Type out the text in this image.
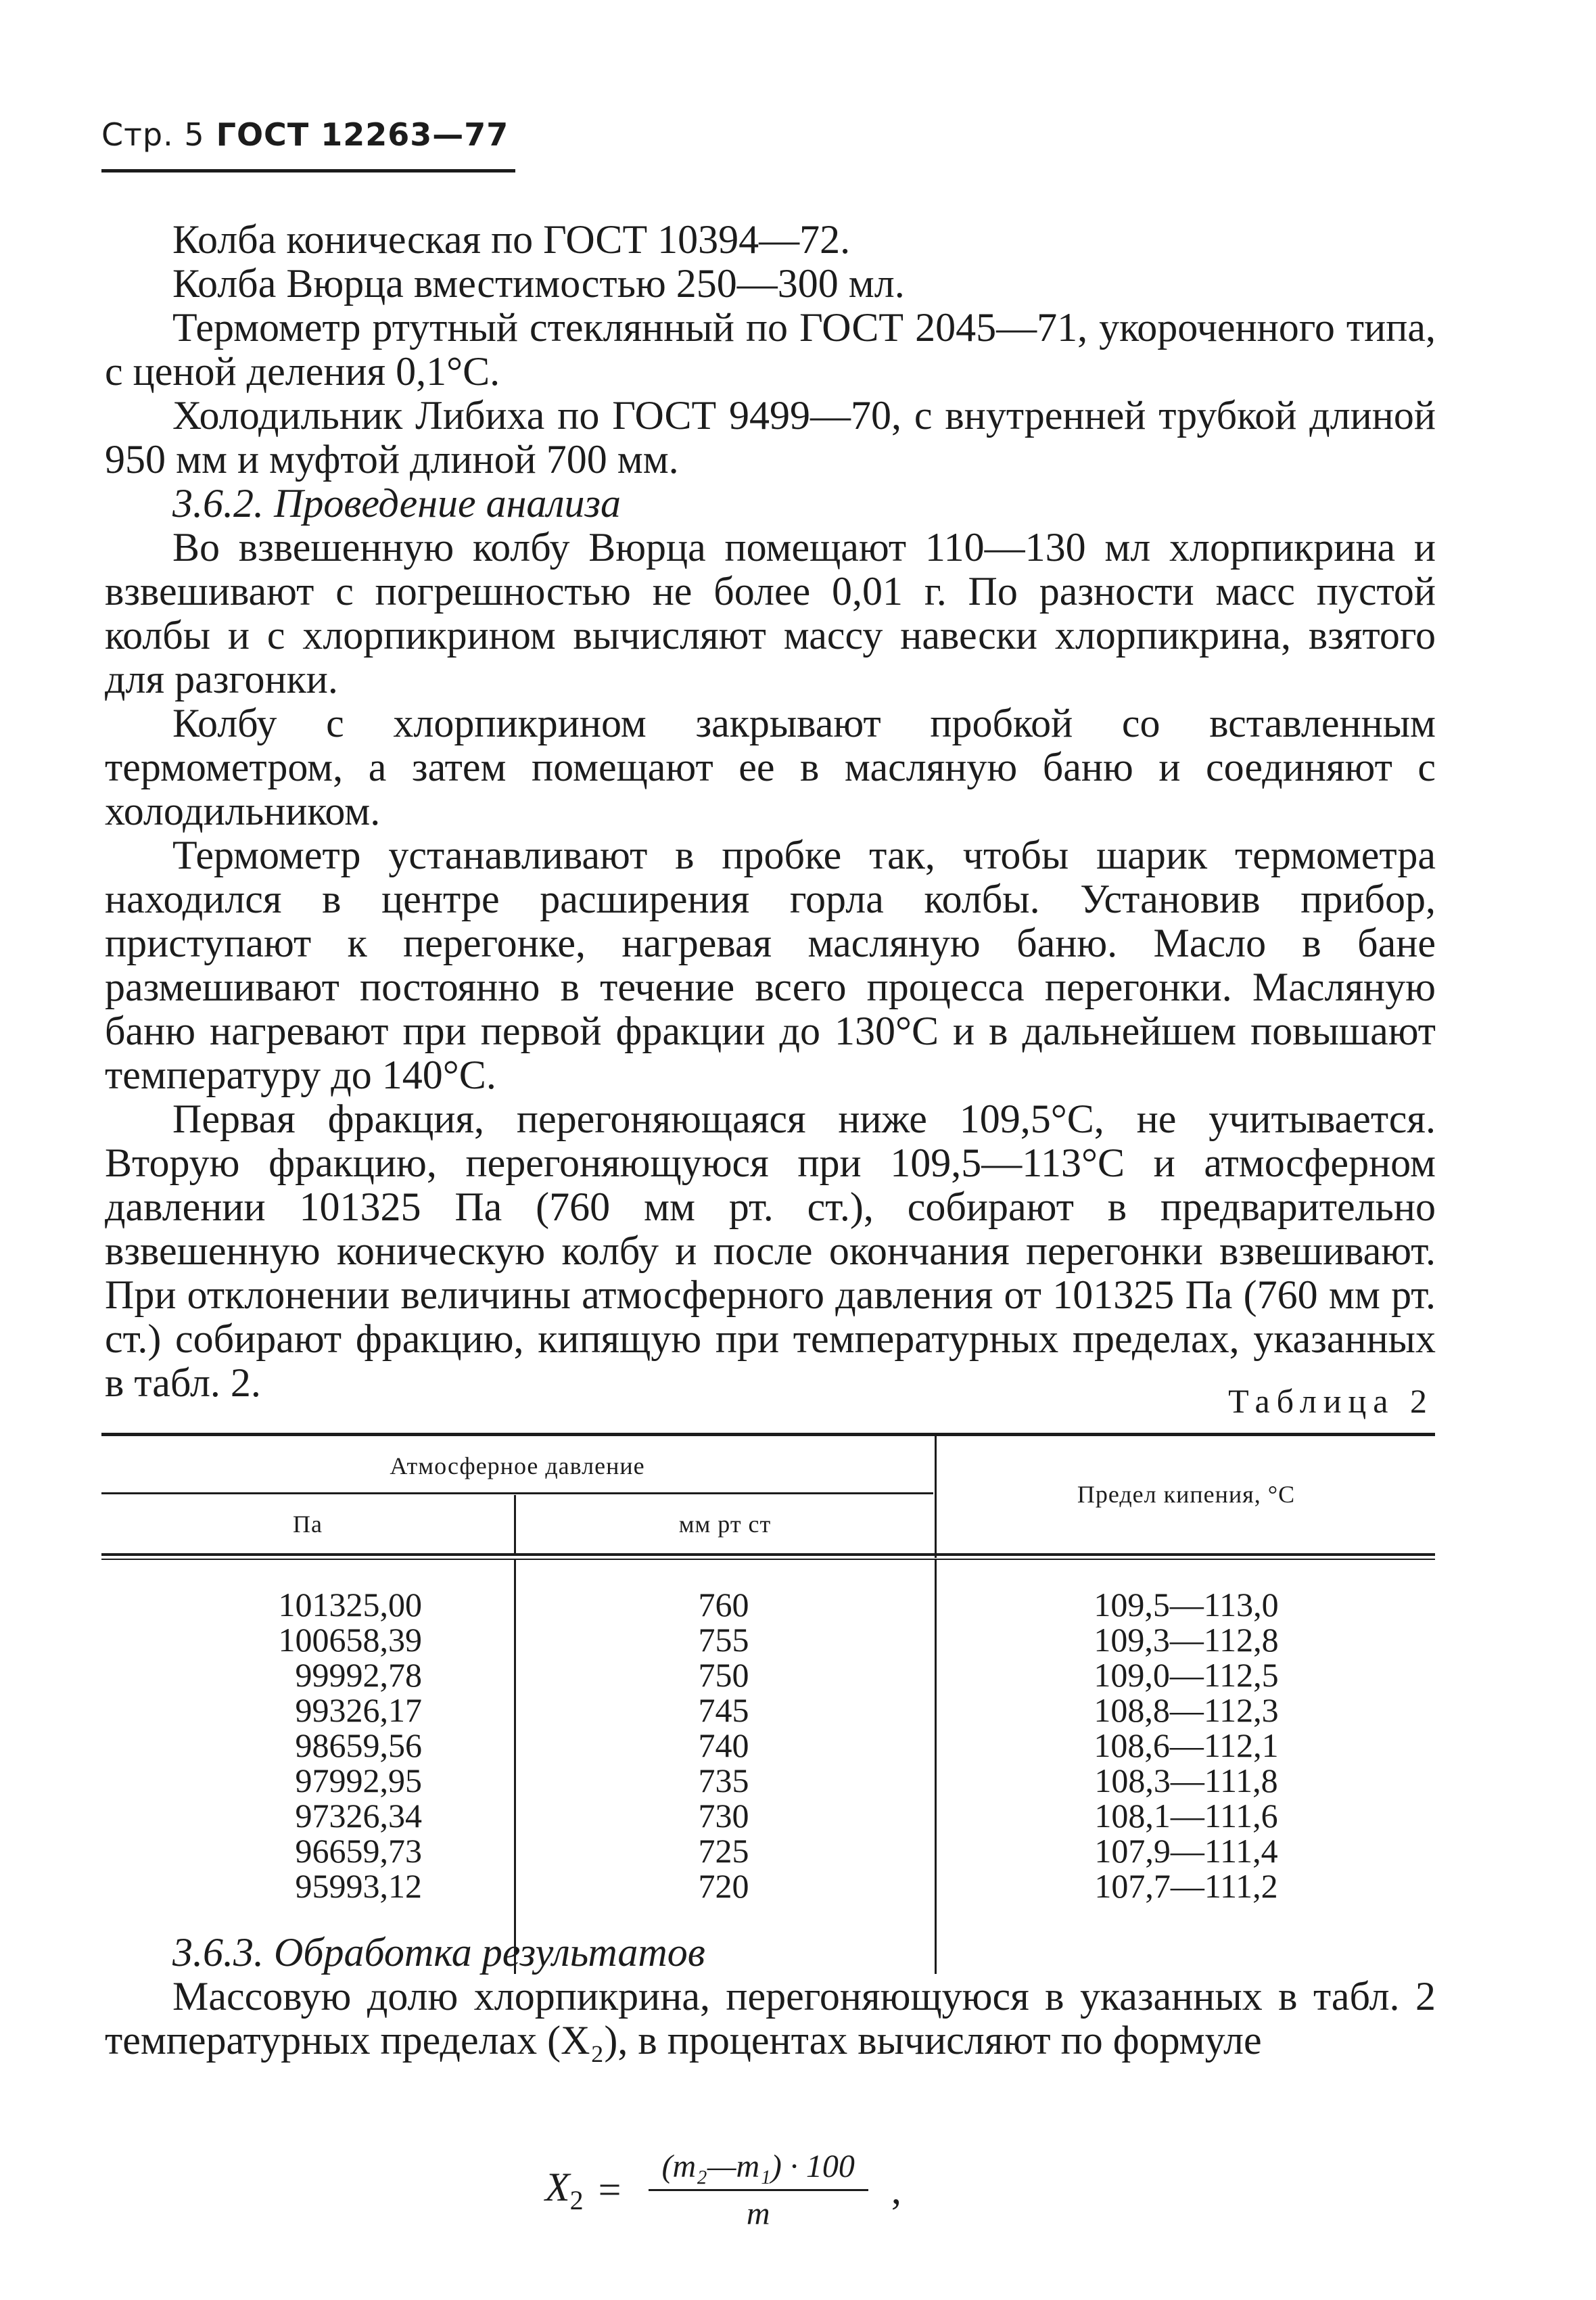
Стр. 5 ГОСТ 12263—77

Колба коническая по ГОСТ 10394—72.

Колба Вюрца вместимостью 250—300 мл.

Термометр ртутный стеклянный по ГОСТ 2045—71, укороченного типа, с ценой деления 0,1°С.

Холодильник Либиха по ГОСТ 9499—70, с внутренней трубкой длиной 950 мм и муфтой длиной 700 мм.

3.6.2. Проведение анализа

Во взвешенную колбу Вюрца помещают 110—130 мл хлорпикрина и взвешивают с погрешностью не более 0,01 г. По разности масс пустой колбы и с хлорпикрином вычисляют массу навески хлорпикрина, взятого для разгонки.

Колбу с хлорпикрином закрывают пробкой со вставленным термометром, а затем помещают ее в масляную баню и соединяют с холодильником.

Термометр устанавливают в пробке так, чтобы шарик термометра находился в центре расширения горла колбы. Установив прибор, приступают к перегонке, нагревая масляную баню. Масло в бане размешивают постоянно в течение всего процесса перегонки. Масляную баню нагревают при первой фракции до 130°С и в дальнейшем повышают температуру до 140°С.

Первая фракция, перегоняющаяся ниже 109,5°С, не учитывается. Вторую фракцию, перегоняющуюся при 109,5—113°С и атмосферном давлении 101325 Па (760 мм рт. ст.), собирают в предварительно взвешенную коническую колбу и после окончания перегонки взвешивают. При отклонении величины атмосферного давления от 101325 Па (760 мм рт. ст.) собирают фракцию, кипящую при температурных пределах, указанных в табл. 2.	Таблица 2
Атмосферное давление
Па	мм рт ст
Предел кипения, °С
101325,00
100658,39
99992,78
99326,17
98659,56
97992,95
97326,34
96659,73
95993,12
760
755
750
745
740
735
730
725
720
109,5—113,0
109,3—112,8
109,0—112,5
108,8—112,3
108,6—112,1
108,3—111,8
108,1—111,6
107,9—111,4
107,7—111,2

3.6.3. Обработка результатов

Массовую долю хлорпикрина, перегоняющуюся в указанных в табл. 2 температурных пределах (X₂), в процентах вычисляют по формуле

$X_2 = \frac{\text{(m₂—m₁) · 100}}{m}$ ,
